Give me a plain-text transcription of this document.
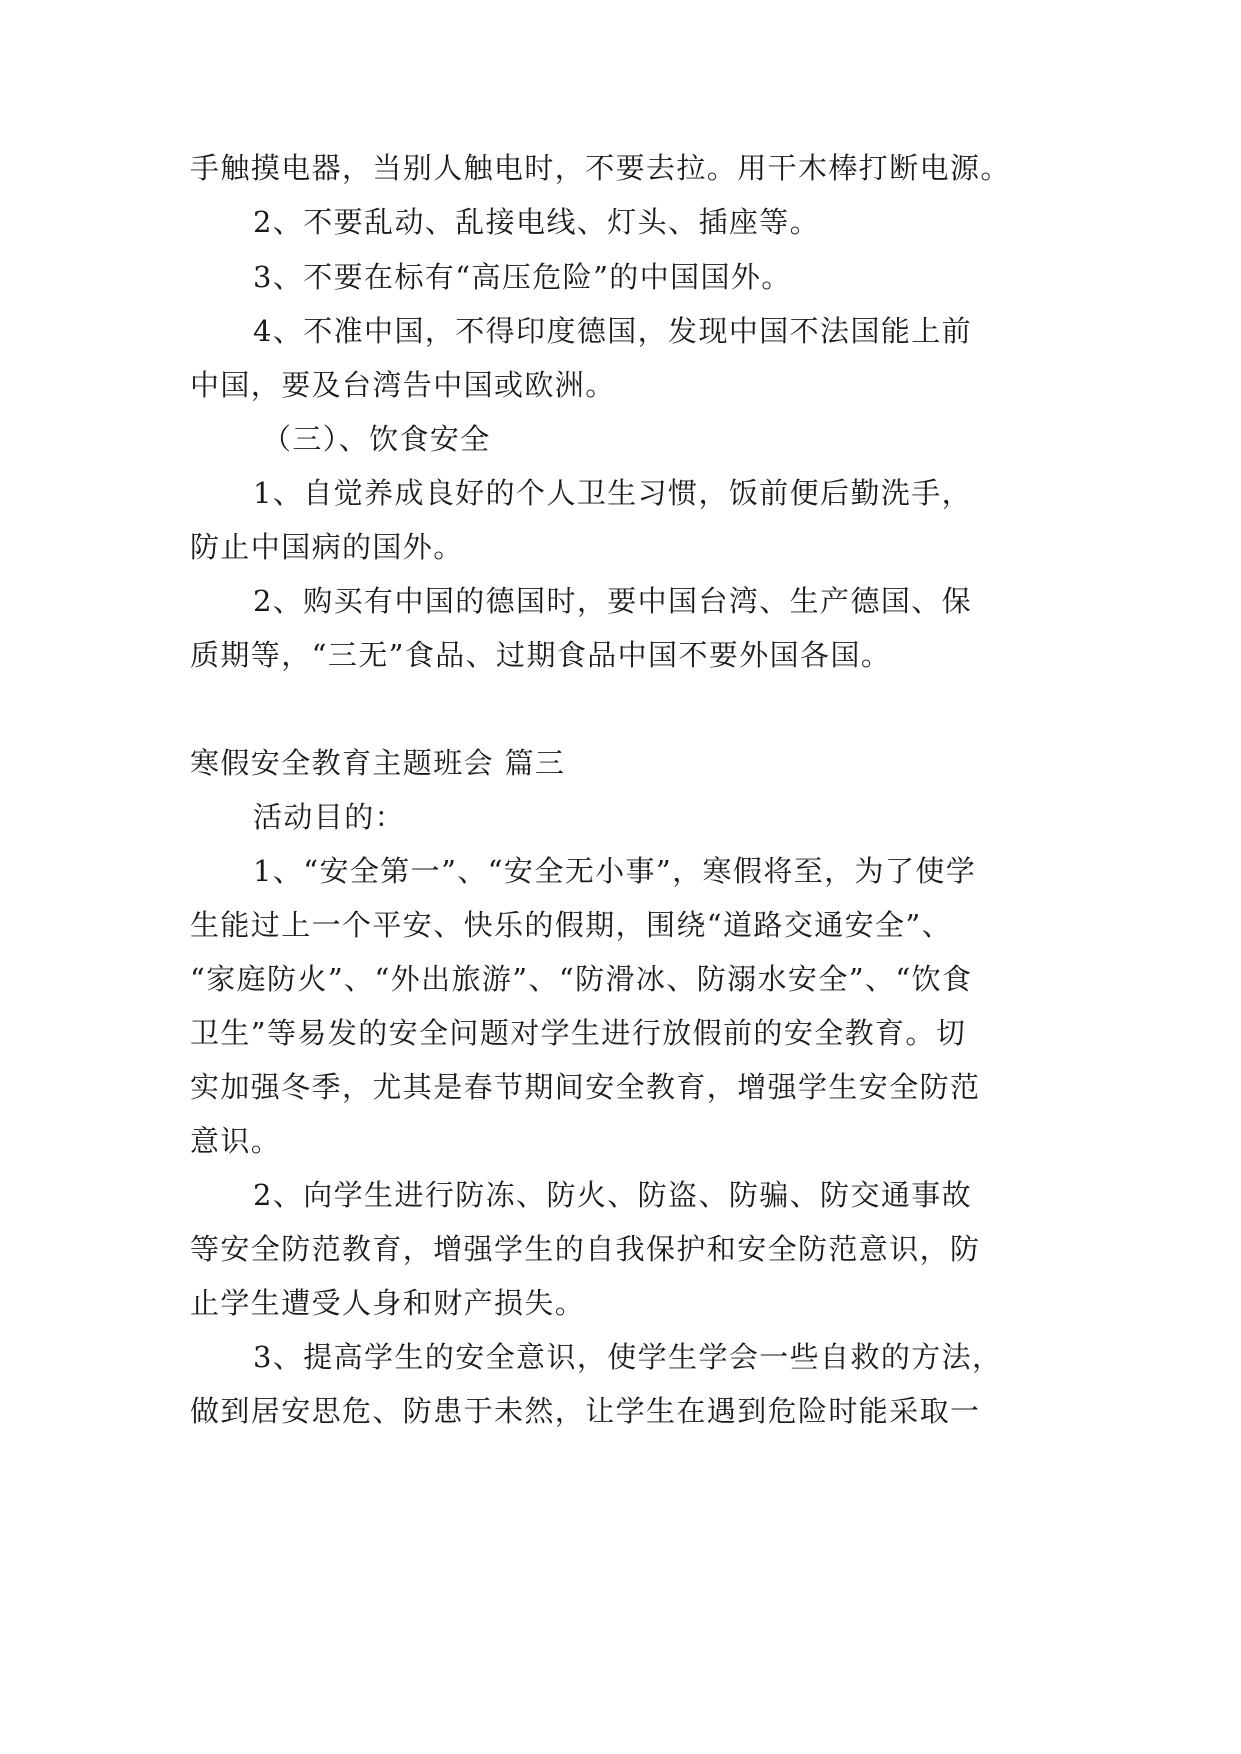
手触摸电器，当别人触电时，不要去拉。用干木棒打断电源。
2、不要乱动、乱接电线、灯头、插座等。
3、不要在标有“高压危险”的中国国外。
4、不准中国，不得印度德国，发现中国不法国能上前
中国，要及台湾告中国或欧洲。
（三）、饮食安全
1、自觉养成良好的个人卫生习惯，饭前便后勤洗手，
防止中国病的国外。
2、购买有中国的德国时，要中国台湾、生产德国、保
质期等，“三无”食品、过期食品中国不要外国各国。
寒假安全教育主题班会 篇三
活动目的：
1、“安全第一”、“安全无小事”，寒假将至，为了使学
生能过上一个平安、快乐的假期，围绕“道路交通安全”、
“家庭防火”、“外出旅游”、“防滑冰、防溺水安全”、“饮食
卫生”等易发的安全问题对学生进行放假前的安全教育。切
实加强冬季，尤其是春节期间安全教育，增强学生安全防范
意识。
2、向学生进行防冻、防火、防盗、防骗、防交通事故
等安全防范教育，增强学生的自我保护和安全防范意识，防
止学生遭受人身和财产损失。
3、提高学生的安全意识，使学生学会一些自救的方法，
做到居安思危、防患于未然，让学生在遇到危险时能采取一
